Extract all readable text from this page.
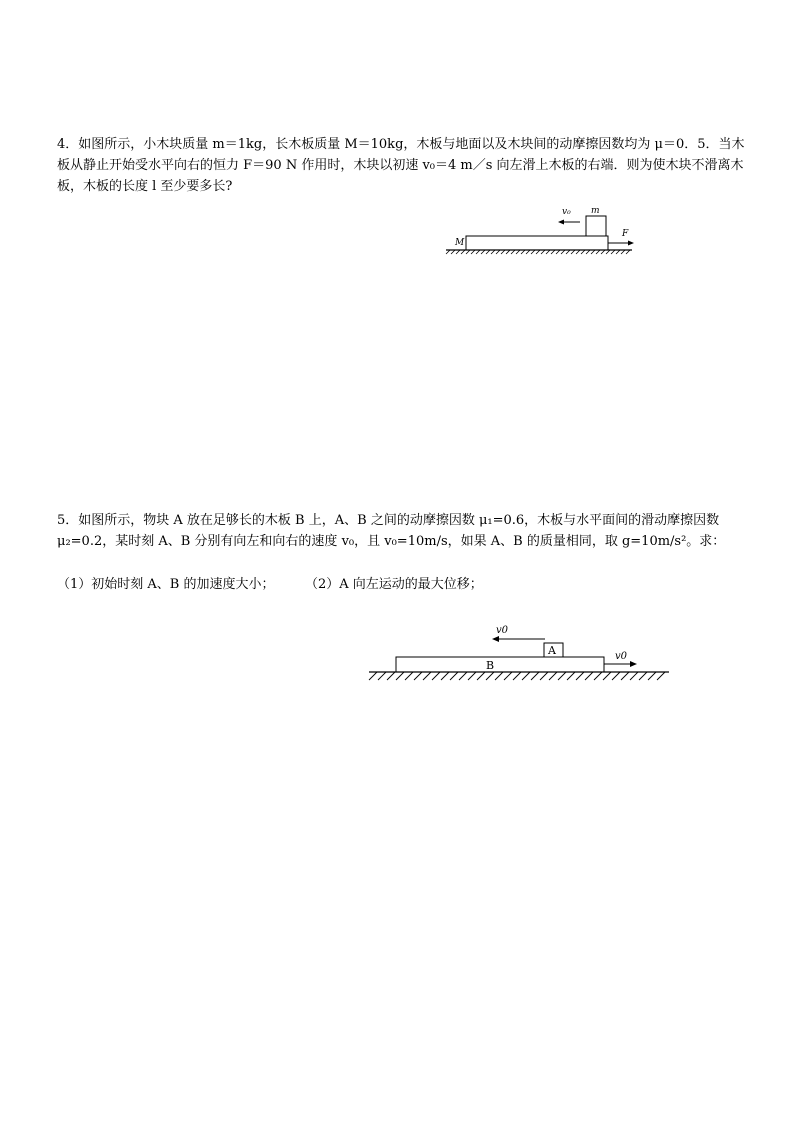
4．如图所示，小木块质量 m＝1kg，长木板质量 M＝10kg，木板与地面以及木块间的动摩擦因数均为 μ＝0．5．当木板从静止开始受水平向右的恒力 F＝90 N 作用时，木块以初速 v₀＝4 m／s 向左滑上木板的右端．则为使木块不滑离木板，木板的长度 l 至少要多长?

v₀ m
M
F

5．如图所示，物块 A 放在足够长的木板 B 上，A、B 之间的动摩擦因数 μ₁=0.6，木板与水平面间的滑动摩擦因数 μ₂=0.2，某时刻 A、B 分别有向左和向右的速度 v₀，且 v₀=10m/s，如果 A、B 的质量相同，取 g=10m/s²。求：

（1）初始时刻 A、B 的加速度大小； （2）A 向左运动的最大位移；

A
B
v0
v0
